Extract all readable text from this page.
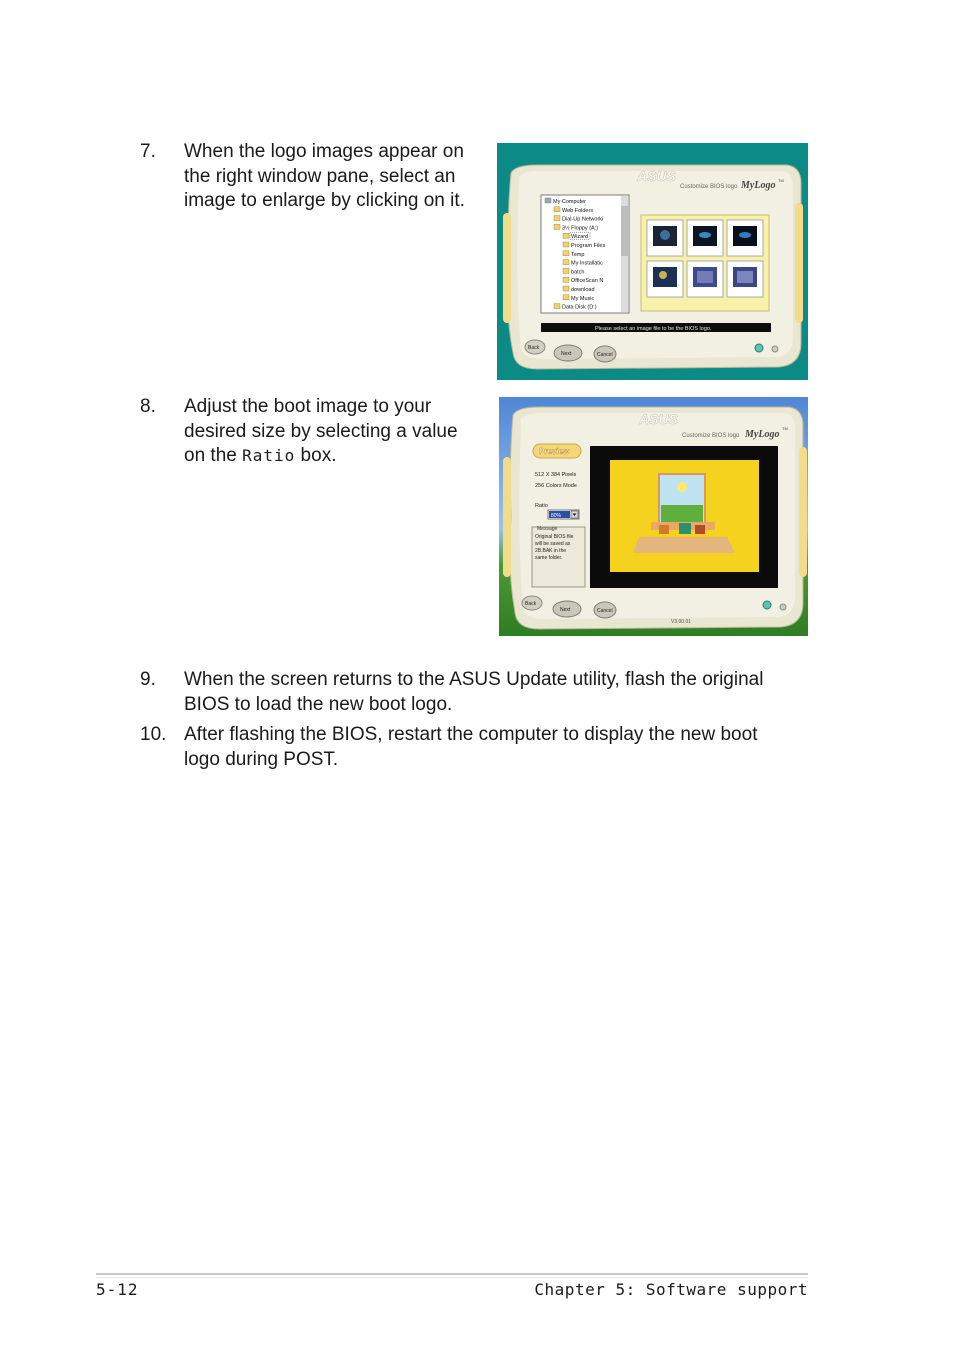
7. When the logo images appear on
the right window pane, select an
image to enlarge by clicking on it.
8. Adjust the boot image to your
desired size by selecting a value
on the Ratio box.
9. When the screen returns to the ASUS Update utility, flash the original
BIOS to load the new boot logo.
10. After flashing the BIOS, restart the computer to display the new boot
logo during POST.
ASUS
Customize BIOS logo MyLogo TM
My Computer
Web Folders
Dial-Up Networki
3½ Floppy (A:)
Wizard
Program Files
Temp
My Installatic
batch
OfficeScan N
download
My Music
Data Disk (D:)
Please select an image file to be the BIOS logo.
Back
Next	Cancel
ASUS
Customize BIOS logo MyLogo
TM
Preview
512 X 384 Pixels
256 Colors Mode
Ratio
80%
Message
Original BIOS file
will be saved as
2B.BAK in the
same folder.
Back
Next	Cancel
V3.00.01
5-12	Chapter 5: Software support
